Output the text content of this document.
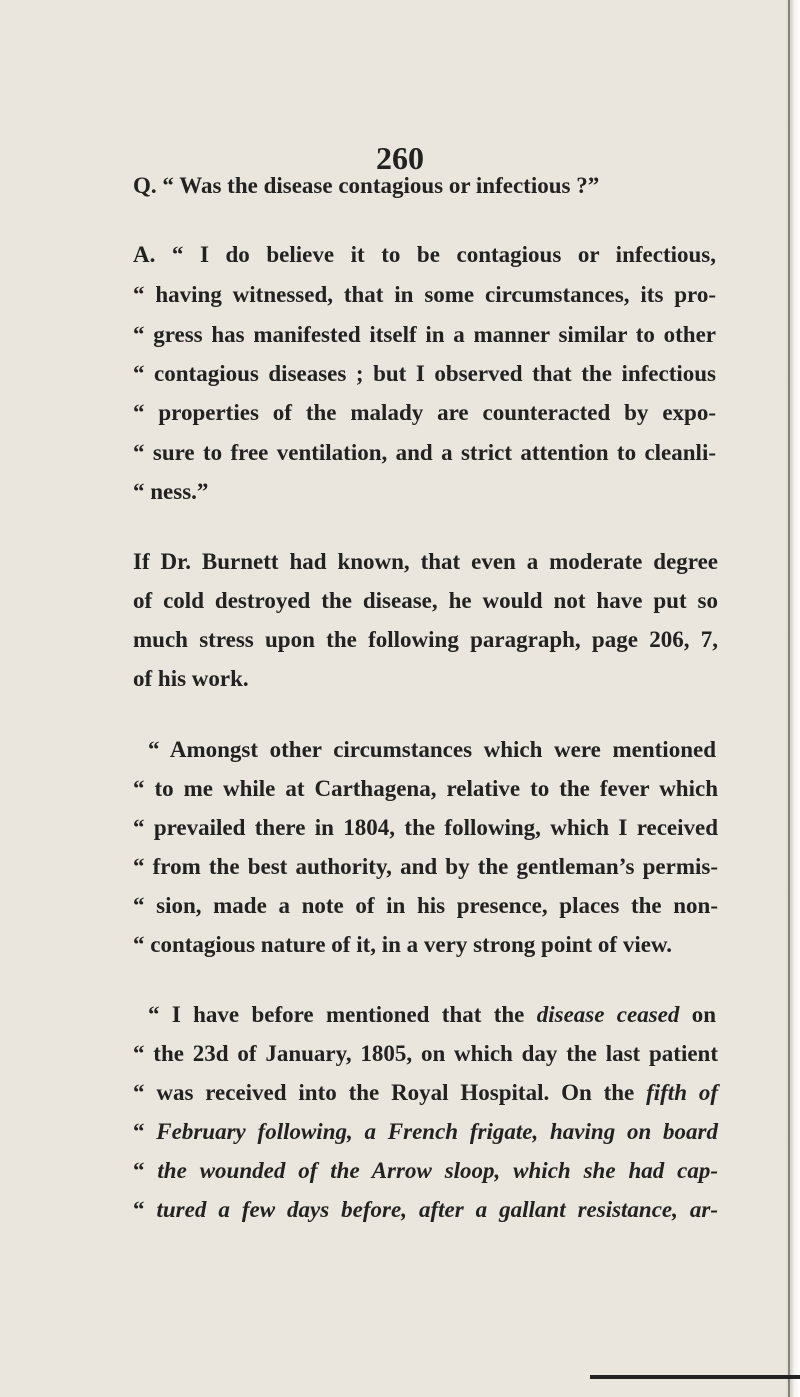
260
Q. “ Was the disease contagious or infectious ?”
A. “ I do believe it to be contagious or infectious,
“ having witnessed, that in some circumstances, its pro-
“ gress has manifested itself in a manner similar to other
“ contagious diseases ; but I observed that the infectious
“ properties of the malady are counteracted by expo-
“ sure to free ventilation, and a strict attention to cleanli-
“ ness.”
If Dr. Burnett had known, that even a moderate degree
of cold destroyed the disease, he would not have put so
much stress upon the following paragraph, page 206, 7,
of his work.
“ Amongst other circumstances which were mentioned
“ to me while at Carthagena, relative to the fever which
“ prevailed there in 1804, the following, which I received
“ from the best authority, and by the gentleman’s permis-
“ sion, made a note of in his presence, places the non-
“ contagious nature of it, in a very strong point of view.
“ I have before mentioned that the disease ceased on
“ the 23d of January, 1805, on which day the last patient
“ was received into the Royal Hospital. On the fifth of
“ February following, a French frigate, having on board
“ the wounded of the Arrow sloop, which she had cap-
“ tured a few days before, after a gallant resistance, ar-
